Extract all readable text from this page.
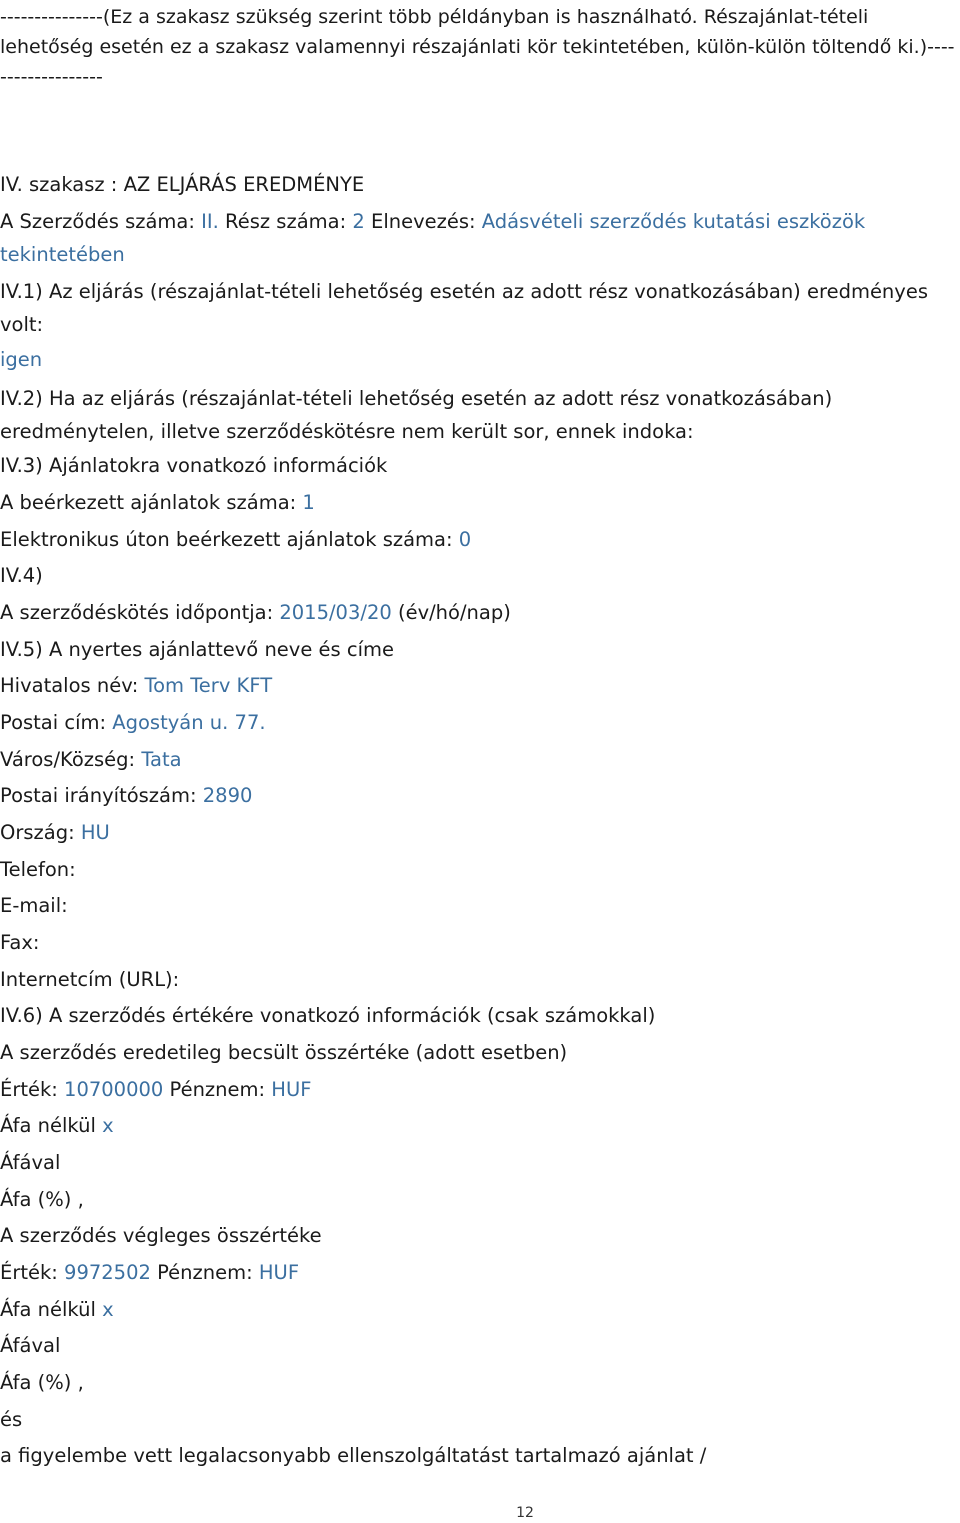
---------------(Ez a szakasz szükség szerint több példányban is használható. Részajánlat-tételi lehetőség esetén ez a szakasz valamennyi részajánlati kör tekintetében, külön-külön töltendő ki.)-------------------

IV. szakasz : AZ ELJÁRÁS EREDMÉNYE

A Szerződés száma: II. Rész száma: 2 Elnevezés: Adásvételi szerződés kutatási eszközök tekintetében

IV.1) Az eljárás (részajánlat-tételi lehetőség esetén az adott rész vonatkozásában) eredményes volt:

igen

IV.2) Ha az eljárás (részajánlat-tételi lehetőség esetén az adott rész vonatkozásában) eredménytelen, illetve szerződéskötésre nem került sor, ennek indoka:

IV.3) Ajánlatokra vonatkozó információk

A beérkezett ajánlatok száma: 1

Elektronikus úton beérkezett ajánlatok száma: 0

IV.4)

A szerződéskötés időpontja: 2015/03/20 (év/hó/nap)

IV.5) A nyertes ajánlattevő neve és címe

Hivatalos név: Tom Terv KFT

Postai cím: Agostyán u. 77.

Város/Község: Tata

Postai irányítószám: 2890

Ország: HU

Telefon:

E-mail:

Fax:

Internetcím (URL):

IV.6) A szerződés értékére vonatkozó információk (csak számokkal)

A szerződés eredetileg becsült összértéke (adott esetben)

Érték: 10700000 Pénznem: HUF

Áfa nélkül x

Áfával

Áfa (%) ,

A szerződés végleges összértéke

Érték: 9972502 Pénznem: HUF

Áfa nélkül x

Áfával

Áfa (%) ,

és

a figyelembe vett legalacsonyabb ellenszolgáltatást tartalmazó ajánlat /

12
